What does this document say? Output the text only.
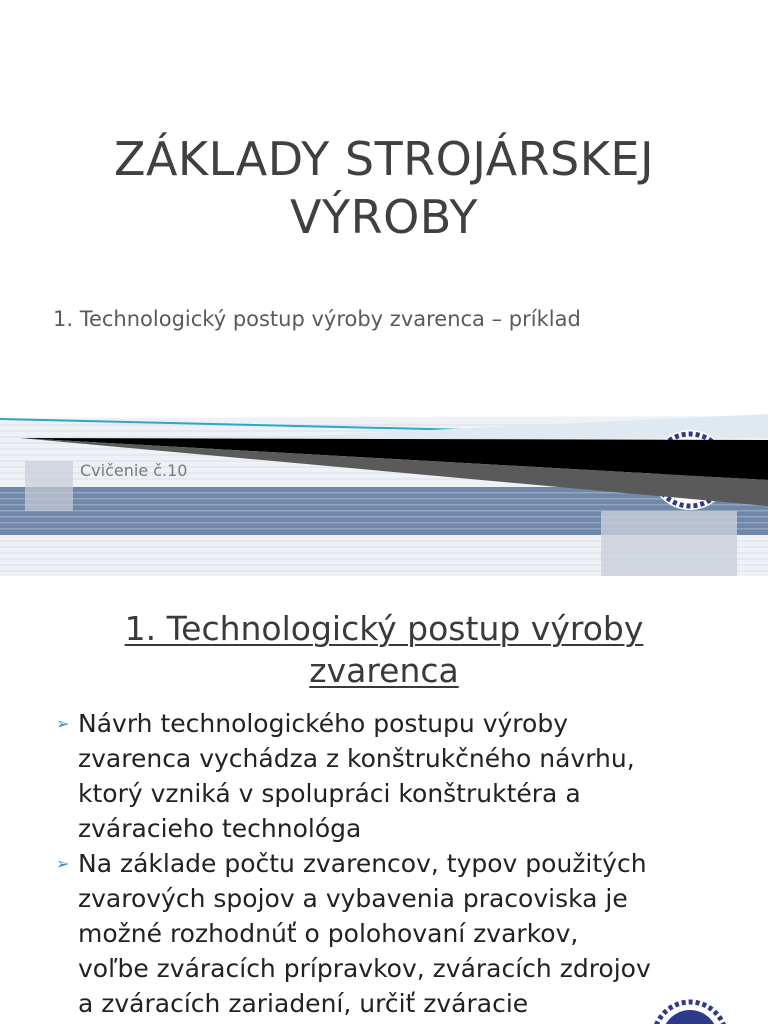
ZÁKLADY STROJÁRSKEJ
VÝROBY

1. Technologický postup výroby zvarenca – príklad

Cvičenie č.10

1. Technologický postup výroby
zvarenca
➢ Návrh technologického postupu výroby
zvarenca vychádza z konštrukčného návrhu,
ktorý vzniká v spolupráci konštruktéra a
zváracieho technológa
➢ Na základe počtu zvarencov, typov použitých
zvarových spojov a vybavenia pracoviska je
možné rozhodnúť o polohovaní zvarkov,
voľbe zváracích prípravkov, zváracích zdrojov
a zváracích zariadení, určiť zváracie
